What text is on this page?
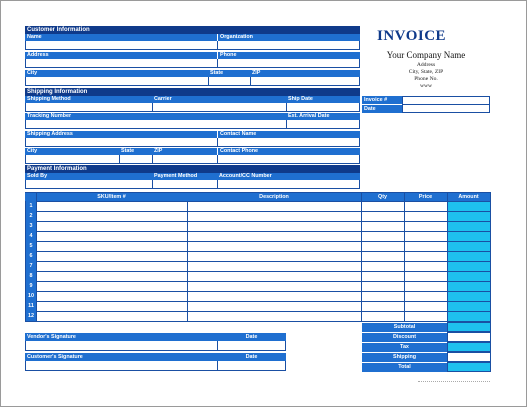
Customer Information
Name	Organization
Address	Phone
City	State	ZIP
Shipping Information
Shipping Method	Carrier	Ship Date
Tracking Number	Est. Arrival Date
Shipping Address	Contact Name
City	State	ZIP	Contact Phone
Payment Information
Sold By	Payment Method	Account/CC Number
INVOICE
Your Company Name
Address
City, State, ZIP
Phone No.
www
Invoice #
Date
SKU/Item #	Description	Qty	Price	Amount
1
2
3
4
5
6
7
8
9
10
11
12
Vendor's Signature	Date
Customer's Signature	Date
Subtotal
Discount
Tax
Shipping
Total
